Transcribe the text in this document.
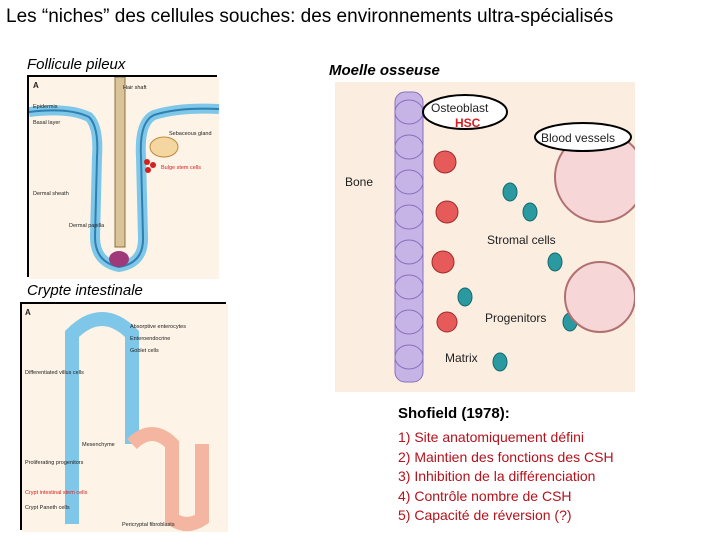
Les “niches” des cellules souches: des environnements ultra-spécialisés
Follicule pileux
A	Hair shaft
Epidermis
Basal layer
Sebaceous gland
Bulge stem cells
Dermal sheath
Dermal papilla
Moelle osseuse
Osteoblast
HSC
Blood vessels
Bone
Stromal cells
Progenitors
Matrix
Crypte intestinale
A
Absorptive enterocytes
Enteroendocrine
Goblet cells
Differentiated villus cells
Mesenchyme
Proliferating progenitors
Crypt intestinal stem cells
Crypt Paneth cells
Pericryptal fibroblasts
Shofield (1978):
1) Site anatomiquement défini
2) Maintien des fonctions des CSH
3) Inhibition de la différenciation
4) Contrôle nombre de CSH
5) Capacité de réversion (?)
